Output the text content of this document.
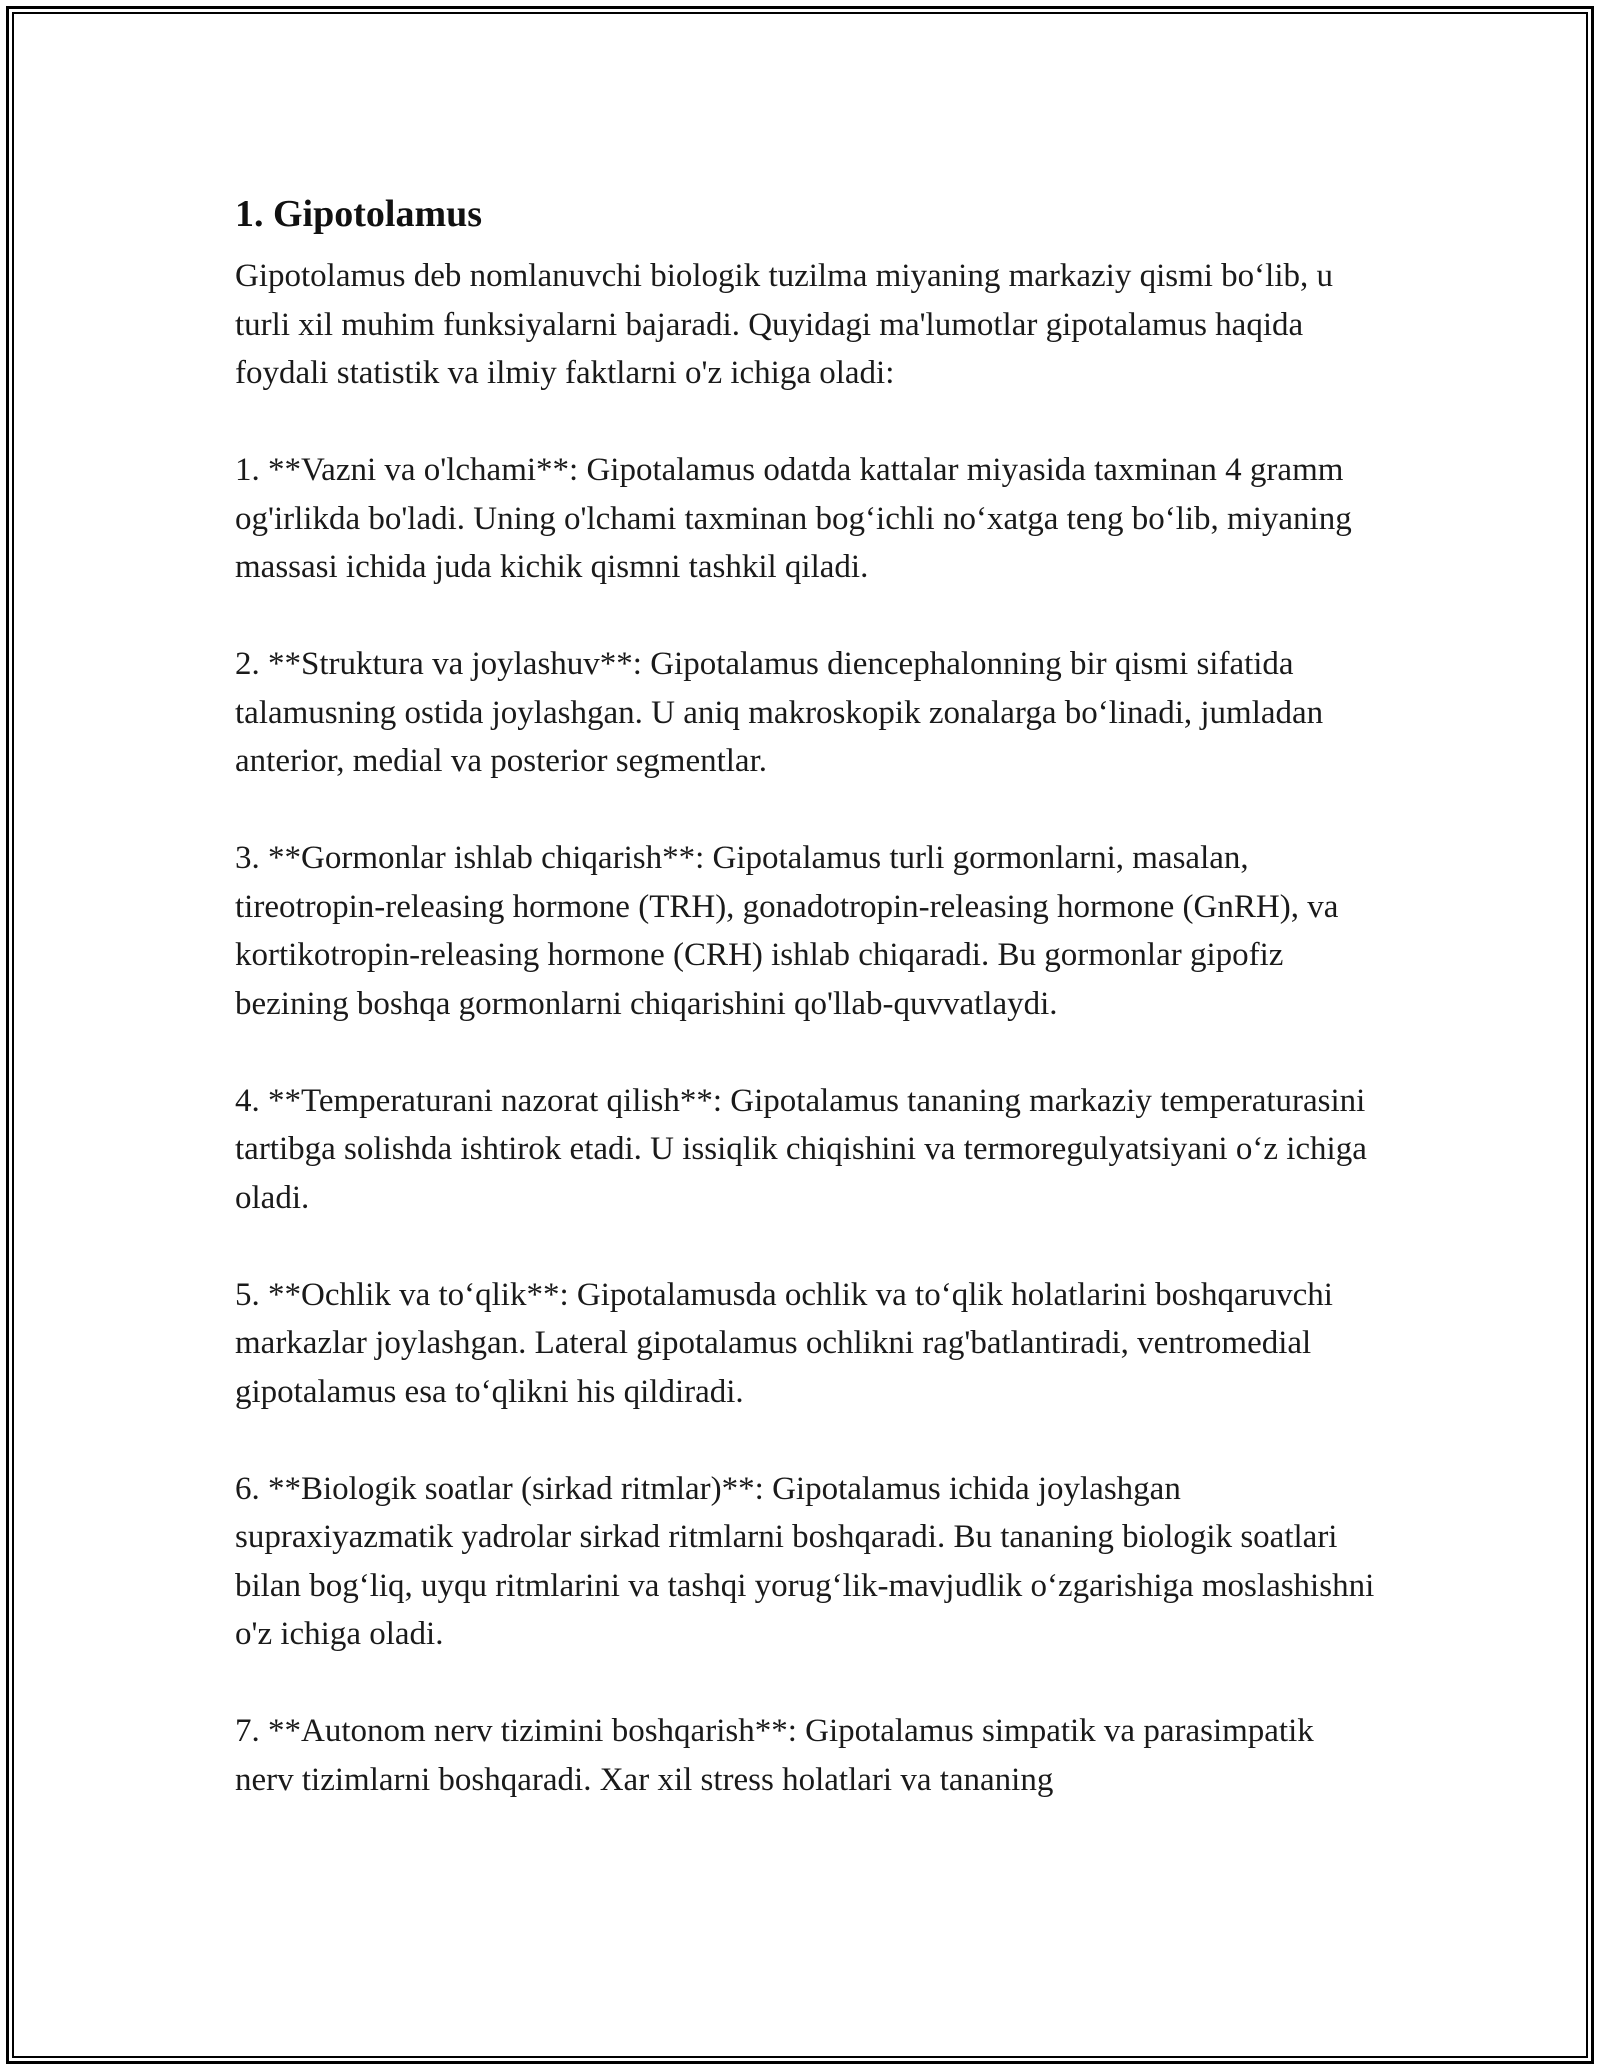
1. Gipotolamus

Gipotolamus deb nomlanuvchi biologik tuzilma miyaning markaziy qismi bo‘lib, u turli xil muhim funksiyalarni bajaradi. Quyidagi ma'lumotlar gipotalamus haqida foydali statistik va ilmiy faktlarni o'z ichiga oladi:

1. **Vazni va o'lchami**: Gipotalamus odatda kattalar miyasida taxminan 4 gramm og'irlikda bo'ladi. Uning o'lchami taxminan bog‘ichli no‘xatga teng bo‘lib, miyaning massasi ichida juda kichik qismni tashkil qiladi.

2. **Struktura va joylashuv**: Gipotalamus diencephalonning bir qismi sifatida talamusning ostida joylashgan. U aniq makroskopik zonalarga bo‘linadi, jumladan anterior, medial va posterior segmentlar.

3. **Gormonlar ishlab chiqarish**: Gipotalamus turli gormonlarni, masalan, tireotropin-releasing hormone (TRH), gonadotropin-releasing hormone (GnRH), va kortikotropin-releasing hormone (CRH) ishlab chiqaradi. Bu gormonlar gipofiz bezining boshqa gormonlarni chiqarishini qo'llab-quvvatlaydi.

4. **Temperaturani nazorat qilish**: Gipotalamus tananing markaziy temperaturasini tartibga solishda ishtirok etadi. U issiqlik chiqishini va termoregulyatsiyani o‘z ichiga oladi.

5. **Ochlik va to‘qlik**: Gipotalamusda ochlik va to‘qlik holatlarini boshqaruvchi markazlar joylashgan. Lateral gipotalamus ochlikni rag'batlantiradi, ventromedial gipotalamus esa to‘qlikni his qildiradi.

6. **Biologik soatlar (sirkad ritmlar)**: Gipotalamus ichida joylashgan supraxiyazmatik yadrolar sirkad ritmlarni boshqaradi. Bu tananing biologik soatlari bilan bog‘liq, uyqu ritmlarini va tashqi yorug‘lik-mavjudlik o‘zgarishiga moslashishni o'z ichiga oladi.

7. **Autonom nerv tizimini boshqarish**: Gipotalamus simpatik va parasimpatik nerv tizimlarni boshqaradi. Xar xil stress holatlari va tananing
